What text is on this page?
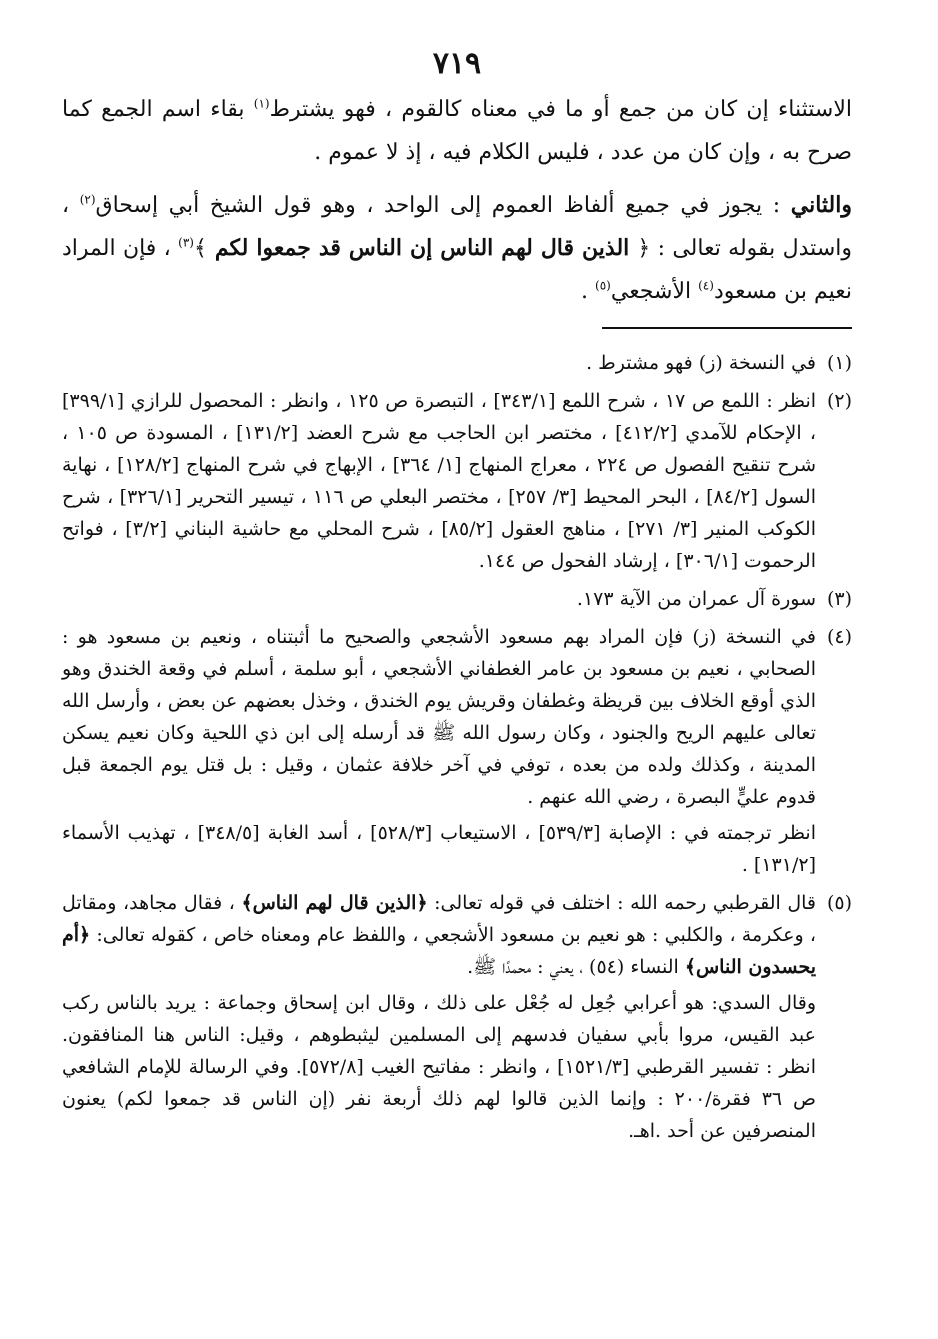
٧١٩

الاستثناء إن كان من جمع أو ما في معناه كالقوم ، فهو يشترط$^{(١)}$ بقاء اسم الجمع كما صرح به ، وإن كان من عدد ، فليس الكلام فيه ، إذ لا عموم .

والثاني : يجوز في جميع ألفاظ العموم إلى الواحد ، وهو قول الشيخ أبي إسحاق$^{(٢)}$ ، واستدل بقوله تعالى : ﴿ الذين قال لهم الناس إن الناس قد جمعوا لكم ﴾$^{(٣)}$ ، فإن المراد نعيم بن مسعود$^{(٤)}$ الأشجعي$^{(٥)}$ .

(١)

في النسخة (ز) فهو مشترط .

(٢)

انظر : اللمع ص ١٧ ، شرح اللمع [٣٤٣/١] ، التبصرة ص ١٢٥ ، وانظر : المحصول للرازي [٣٩٩/١] ، الإحكام للآمدي [٤١٢/٢] ، مختصر ابن الحاجب مع شرح العضد [١٣١/٢] ، المسودة ص ١٠٥ ، شرح تنقيح الفصول ص ٢٢٤ ، معراج المنهاج [١/ ٣٦٤] ، الإبهاج في شرح المنهاج [١٢٨/٢] ، نهاية السول [٨٤/٢] ، البحر المحيط [٣/ ٢٥٧] ، مختصر البعلي ص ١١٦ ، تيسير التحرير [٣٢٦/١] ، شرح الكوكب المنير [٣/ ٢٧١] ، مناهج العقول [٨٥/٢] ، شرح المحلي مع حاشية البناني [٣/٢] ، فواتح الرحموت [٣٠٦/١] ، إرشاد الفحول ص ١٤٤.

(٣)

سورة آل عمران من الآية ١٧٣.

(٤)

في النسخة (ز) فإن المراد بهم مسعود الأشجعي والصحيح ما أثبتناه ، ونعيم بن مسعود هو : الصحابي ، نعيم بن مسعود بن عامر الغطفاني الأشجعي ، أبو سلمة ، أسلم في وقعة الخندق وهو الذي أوقع الخلاف بين قريظة وغطفان وقريش يوم الخندق ، وخذل بعضهم عن بعض ، وأرسل الله تعالى عليهم الريح والجنود ، وكان رسول الله ﷺ قد أرسله إلى ابن ذي اللحية وكان نعيم يسكن المدينة ، وكذلك ولده من بعده ، توفي في آخر خلافة عثمان ، وقيل : بل قتل يوم الجمعة قبل قدوم عليٍّ البصرة ، رضي الله عنهم .

انظر ترجمته في : الإصابة [٥٣٩/٣] ، الاستيعاب [٥٢٨/٣] ، أسد الغابة [٣٤٨/٥] ، تهذيب الأسماء [١٣١/٢] .

(٥)

قال القرطبي رحمه الله : اختلف في قوله تعالى: ﴿الذين قال لهم الناس﴾ ، فقال مجاهد، ومقاتل ، وعكرمة ، والكلبي : هو نعيم بن مسعود الأشجعي ، واللفظ عام ومعناه خاص ، كقوله تعالى: ﴿أم يحسدون الناس﴾ النساء (٥٤) ، يعني : محمدًا ﷺ.

وقال السدي: هو أعرابي جُعِل له جُعْل على ذلك ، وقال ابن إسحاق وجماعة : يريد بالناس ركب عبد القيس، مروا بأبي سفيان فدسهم إلى المسلمين ليثبطوهم ، وقيل: الناس هنا المنافقون. انظر : تفسير القرطبي [١٥٢١/٣] ، وانظر : مفاتيح الغيب [٥٧٢/٨]. وفي الرسالة للإمام الشافعي ص ٣٦ فقرة/٢٠٠ : وإنما الذين قالوا لهم ذلك أربعة نفر (إن الناس قد جمعوا لكم) يعنون المنصرفين عن أحد .اهـ.
